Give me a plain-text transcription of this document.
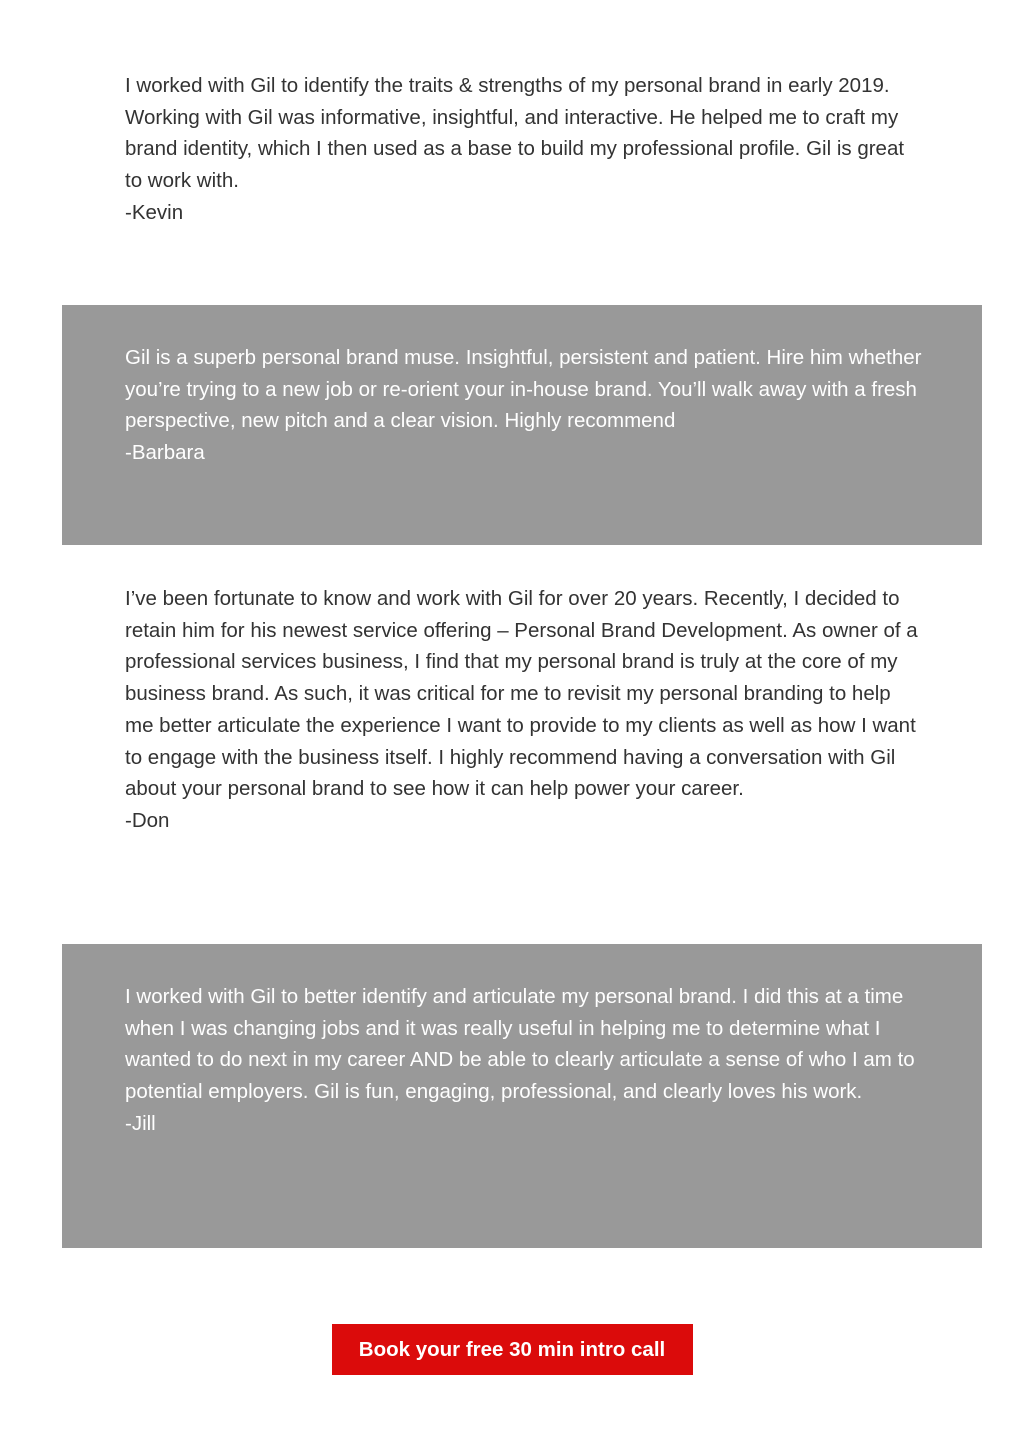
I worked with Gil to identify the traits & strengths of my personal brand in early 2019. Working with Gil was informative, insightful, and interactive. He helped me to craft my brand identity, which I then used as a base to build my professional profile. Gil is great to work with.

-Kevin

Gil is a superb personal brand muse. Insightful, persistent and patient. Hire him whether you’re trying to a new job or re-orient your in-house brand. You’ll walk away with a fresh perspective, new pitch and a clear vision. Highly recommend

-Barbara

I’ve been fortunate to know and work with Gil for over 20 years. Recently, I decided to retain him for his newest service offering – Personal Brand Development. As owner of a professional services business, I find that my personal brand is truly at the core of my business brand. As such, it was critical for me to revisit my personal branding to help me better articulate the experience I want to provide to my clients as well as how I want to engage with the business itself. I highly recommend having a conversation with Gil about your personal brand to see how it can help power your career.

-Don

I worked with Gil to better identify and articulate my personal brand. I did this at a time when I was changing jobs and it was really useful in helping me to determine what I wanted to do next in my career AND be able to clearly articulate a sense of who I am to potential employers. Gil is fun, engaging, professional, and clearly loves his work.

-Jill

Book your free 30 min intro call
